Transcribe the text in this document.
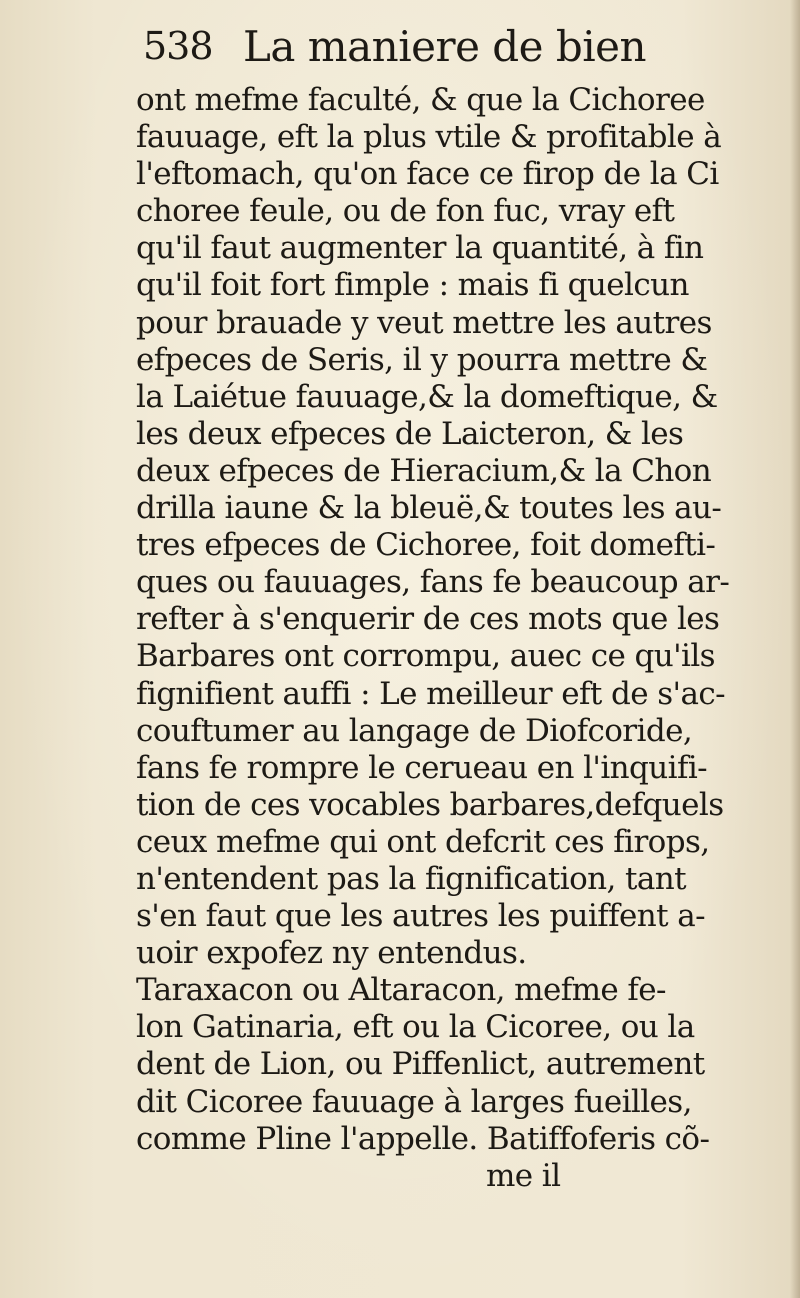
538 La maniere de bien
ont mefme faculté, & que la Cichoree
fauuage, eft la plus vtile & profitable à
l'eftomach, qu'on face ce firop de la Ci
choree feule, ou de fon fuc, vray eft
qu'il faut augmenter la quantité, à fin
qu'il foit fort fimple : mais fi quelcun
pour brauade y veut mettre les autres
efpeces de Seris, il y pourra mettre &
la Laiétue fauuage,& la domeftique, &
les deux efpeces de Laicteron, & les
deux efpeces de Hieracium,& la Chon
drilla iaune & la bleuë,& toutes les au-
tres efpeces de Cichoree, foit domefti-
ques ou fauuages, fans fe beaucoup ar-
refter à s'enquerir de ces mots que les
Barbares ont corrompu, auec ce qu'ils
fignifient auffi : Le meilleur eft de s'ac-
couftumer au langage de Diofcoride,
fans fe rompre le cerueau en l'inquifi-
tion de ces vocables barbares,defquels
ceux mefme qui ont defcrit ces firops,
n'entendent pas la fignification, tant
s'en faut que les autres les puiffent a-
uoir expofez ny entendus.
Taraxacon ou Altaracon, mefme fe-
lon Gatinaria, eft ou la Cicoree, ou la
dent de Lion, ou Piffenlict, autrement
dit Cicoree fauuage à larges fueilles,
comme Pline l'appelle. Batiffoferis cõ-
me il
